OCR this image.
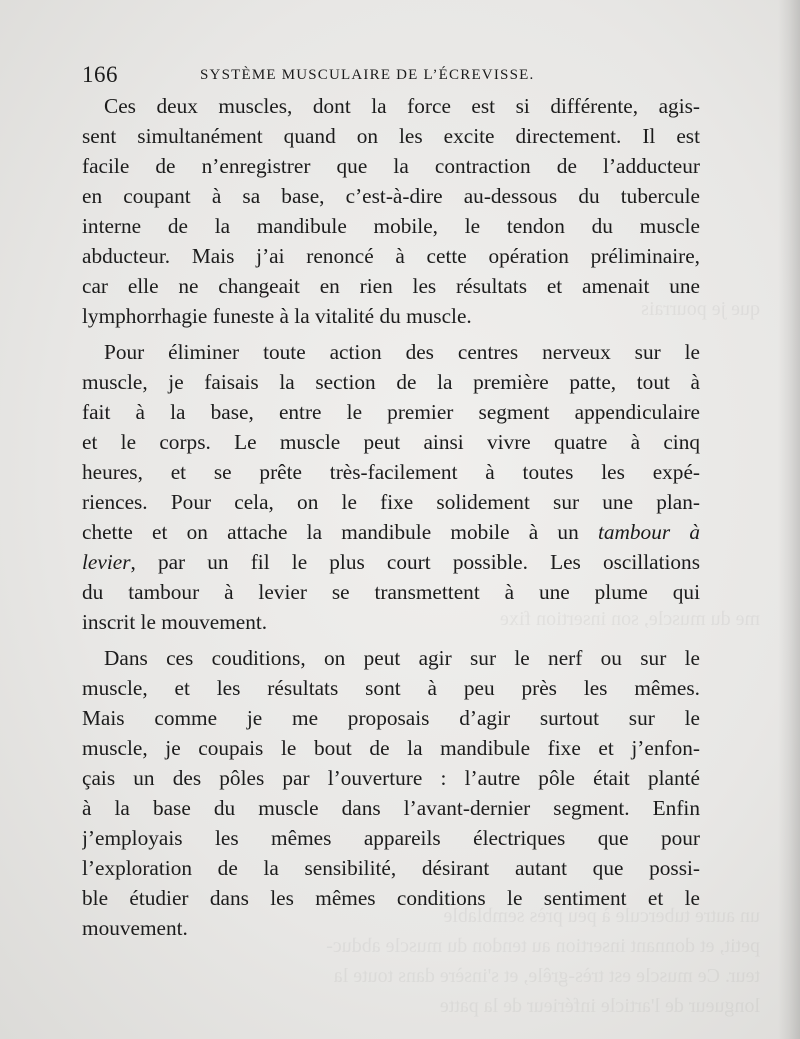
que je pourrais
me du muscle, son insertion fixe
un autre tubercule à peu près semblable
petit, et donnant insertion au tendon du muscle abduc-
teur. Ce muscle est très-grêle, et s'insère dans toute la
longueur de l'article inférieur de la patte
166	SYSTÈME MUSCULAIRE DE L’ÉCREVISSE.
Ces deux muscles, dont la force est si différente, agis-
sent simultanément quand on les excite directement. Il est
facile de n’enregistrer que la contraction de l’adducteur
en coupant à sa base, c’est-à-dire au-dessous du tubercule
interne de la mandibule mobile, le tendon du muscle
abducteur. Mais j’ai renoncé à cette opération préliminaire,
car elle ne changeait en rien les résultats et amenait une
lymphorrhagie funeste à la vitalité du muscle.
Pour éliminer toute action des centres nerveux sur le
muscle, je faisais la section de la première patte, tout à
fait à la base, entre le premier segment appendiculaire
et le corps. Le muscle peut ainsi vivre quatre à cinq
heures, et se prête très-facilement à toutes les expé-
riences. Pour cela, on le fixe solidement sur une plan-
chette et on attache la mandibule mobile à un tambour à
levier, par un fil le plus court possible. Les oscillations
du tambour à levier se transmettent à une plume qui
inscrit le mouvement.
Dans ces couditions, on peut agir sur le nerf ou sur le
muscle, et les résultats sont à peu près les mêmes.
Mais comme je me proposais d’agir surtout sur le
muscle, je coupais le bout de la mandibule fixe et j’enfon-
çais un des pôles par l’ouverture : l’autre pôle était planté
à la base du muscle dans l’avant-dernier segment. Enfin
j’employais les mêmes appareils électriques que pour
l’exploration de la sensibilité, désirant autant que possi-
ble étudier dans les mêmes conditions le sentiment et le
mouvement.
